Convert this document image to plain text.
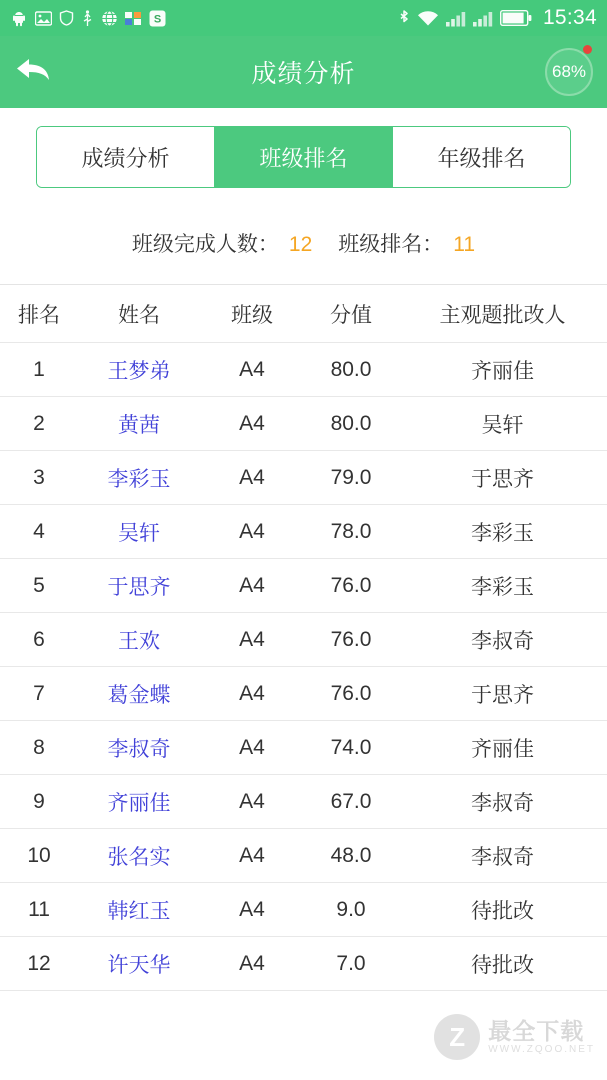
S	15:34
成绩分析	68%
成绩分析	班级排名	年级排名
班级完成人数： 12 班级排名： 11
排名	姓名	班级	分值	主观题批改人
1	王梦弟	A4	80.0	齐丽佳
2	黄茜	A4	80.0	吴轩
3	李彩玉	A4	79.0	于思齐
4	吴轩	A4	78.0	李彩玉
5	于思齐	A4	76.0	李彩玉
6	王欢	A4	76.0	李叔奇
7	葛金蝶	A4	76.0	于思齐
8	李叔奇	A4	74.0	齐丽佳
9	齐丽佳	A4	67.0	李叔奇
10	张名实	A4	48.0	李叔奇
11	韩红玉	A4	9.0	待批改
12	许天华	A4	7.0	待批改
Z	最全下载
WWW.ZQOO.NET
